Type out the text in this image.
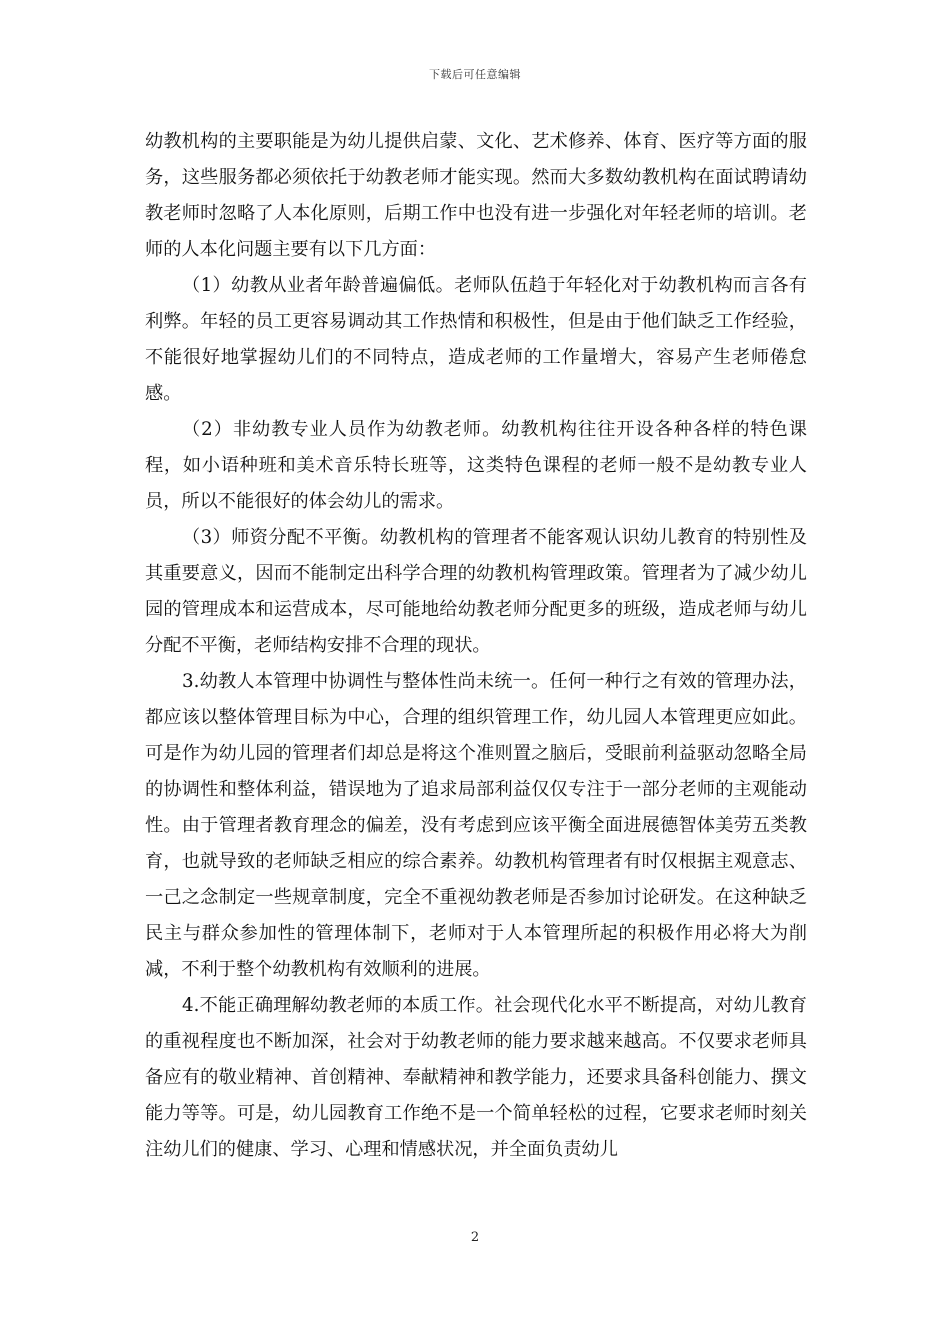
下载后可任意编辑

幼教机构的主要职能是为幼儿提供启蒙、文化、艺术修养、体育、医疗等方面的服务，这些服务都必须依托于幼教老师才能实现。然而大多数幼教机构在面试聘请幼教老师时忽略了人本化原则，后期工作中也没有进一步强化对年轻老师的培训。老师的人本化问题主要有以下几方面：

（1）幼教从业者年龄普遍偏低。老师队伍趋于年轻化对于幼教机构而言各有利弊。年轻的员工更容易调动其工作热情和积极性，但是由于他们缺乏工作经验，不能很好地掌握幼儿们的不同特点，造成老师的工作量增大，容易产生老师倦怠感。

（2）非幼教专业人员作为幼教老师。幼教机构往往开设各种各样的特色课程，如小语种班和美术音乐特长班等，这类特色课程的老师一般不是幼教专业人员，所以不能很好的体会幼儿的需求。

（3）师资分配不平衡。幼教机构的管理者不能客观认识幼儿教育的特别性及其重要意义，因而不能制定出科学合理的幼教机构管理政策。管理者为了减少幼儿园的管理成本和运营成本，尽可能地给幼教老师分配更多的班级，造成老师与幼儿分配不平衡，老师结构安排不合理的现状。

3.幼教人本管理中协调性与整体性尚未统一。任何一种行之有效的管理办法，都应该以整体管理目标为中心，合理的组织管理工作，幼儿园人本管理更应如此。可是作为幼儿园的管理者们却总是将这个准则置之脑后，受眼前利益驱动忽略全局的协调性和整体利益，错误地为了追求局部利益仅仅专注于一部分老师的主观能动性。由于管理者教育理念的偏差，没有考虑到应该平衡全面进展德智体美劳五类教育，也就导致的老师缺乏相应的综合素养。幼教机构管理者有时仅根据主观意志、一己之念制定一些规章制度，完全不重视幼教老师是否参加讨论研发。在这种缺乏民主与群众参加性的管理体制下，老师对于人本管理所起的积极作用必将大为削减，不利于整个幼教机构有效顺利的进展。

4.不能正确理解幼教老师的本质工作。社会现代化水平不断提高，对幼儿教育的重视程度也不断加深，社会对于幼教老师的能力要求越来越高。不仅要求老师具备应有的敬业精神、首创精神、奉献精神和教学能力，还要求具备科创能力、撰文能力等等。可是，幼儿园教育工作绝不是一个简单轻松的过程，它要求老师时刻关注幼儿们的健康、学习、心理和情感状况，并全面负责幼儿

2
